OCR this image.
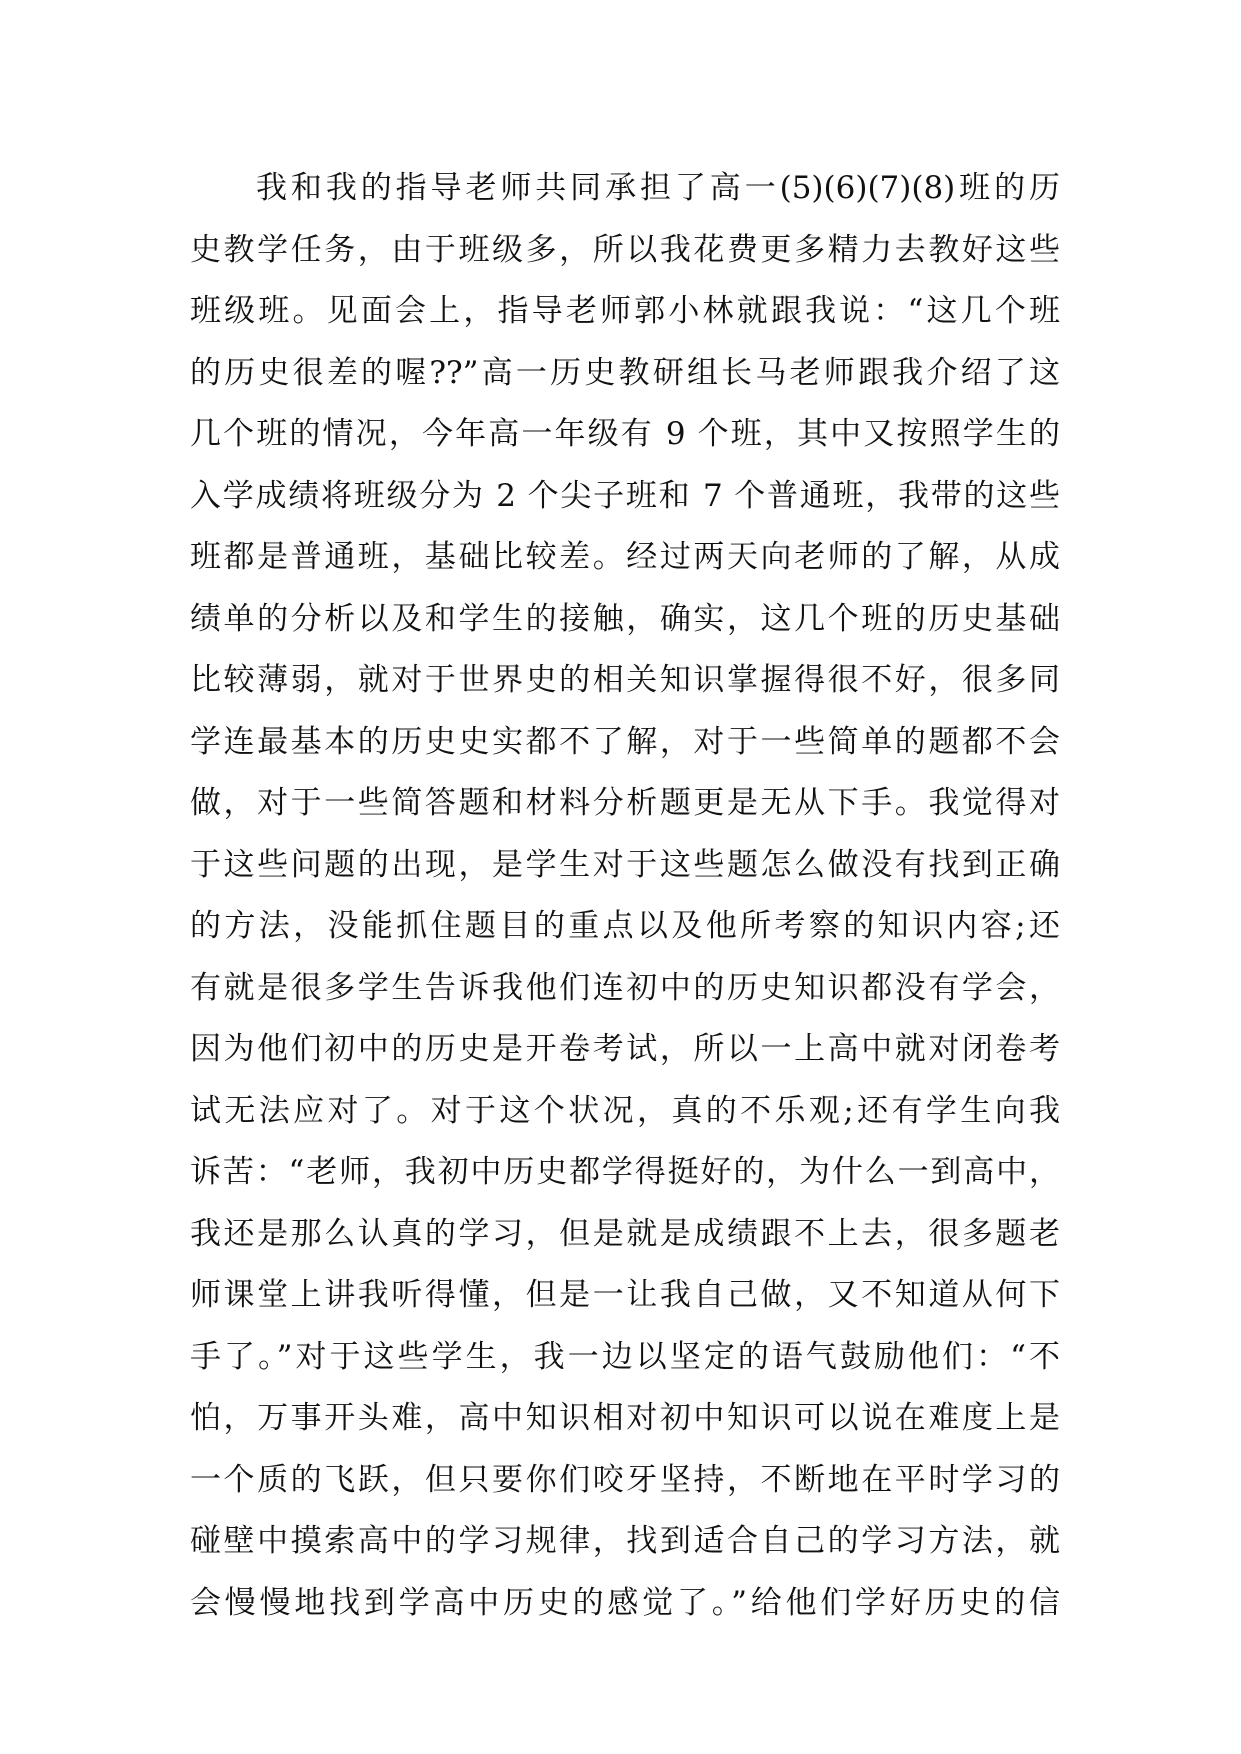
我和我的指导老师共同承担了高一(5)(6)(7)(8)班的历
史教学任务，由于班级多，所以我花费更多精力去教好这些
班级班。见面会上，指导老师郭小林就跟我说：“这几个班
的历史很差的喔??”高一历史教研组长马老师跟我介绍了这
几个班的情况，今年高一年级有 9 个班，其中又按照学生的
入学成绩将班级分为 2 个尖子班和 7 个普通班，我带的这些
班都是普通班，基础比较差。经过两天向老师的了解，从成
绩单的分析以及和学生的接触，确实，这几个班的历史基础
比较薄弱，就对于世界史的相关知识掌握得很不好，很多同
学连最基本的历史史实都不了解，对于一些简单的题都不会
做，对于一些简答题和材料分析题更是无从下手。我觉得对
于这些问题的出现，是学生对于这些题怎么做没有找到正确
的方法，没能抓住题目的重点以及他所考察的知识内容;还
有就是很多学生告诉我他们连初中的历史知识都没有学会，
因为他们初中的历史是开卷考试，所以一上高中就对闭卷考
试无法应对了。对于这个状况，真的不乐观;还有学生向我
诉苦：“老师，我初中历史都学得挺好的，为什么一到高中，
我还是那么认真的学习，但是就是成绩跟不上去，很多题老
师课堂上讲我听得懂，但是一让我自己做，又不知道从何下
手了。”对于这些学生，我一边以坚定的语气鼓励他们：“不
怕，万事开头难，高中知识相对初中知识可以说在难度上是
一个质的飞跃，但只要你们咬牙坚持，不断地在平时学习的
碰壁中摸索高中的学习规律，找到适合自己的学习方法，就
会慢慢地找到学高中历史的感觉了。”给他们学好历史的信
